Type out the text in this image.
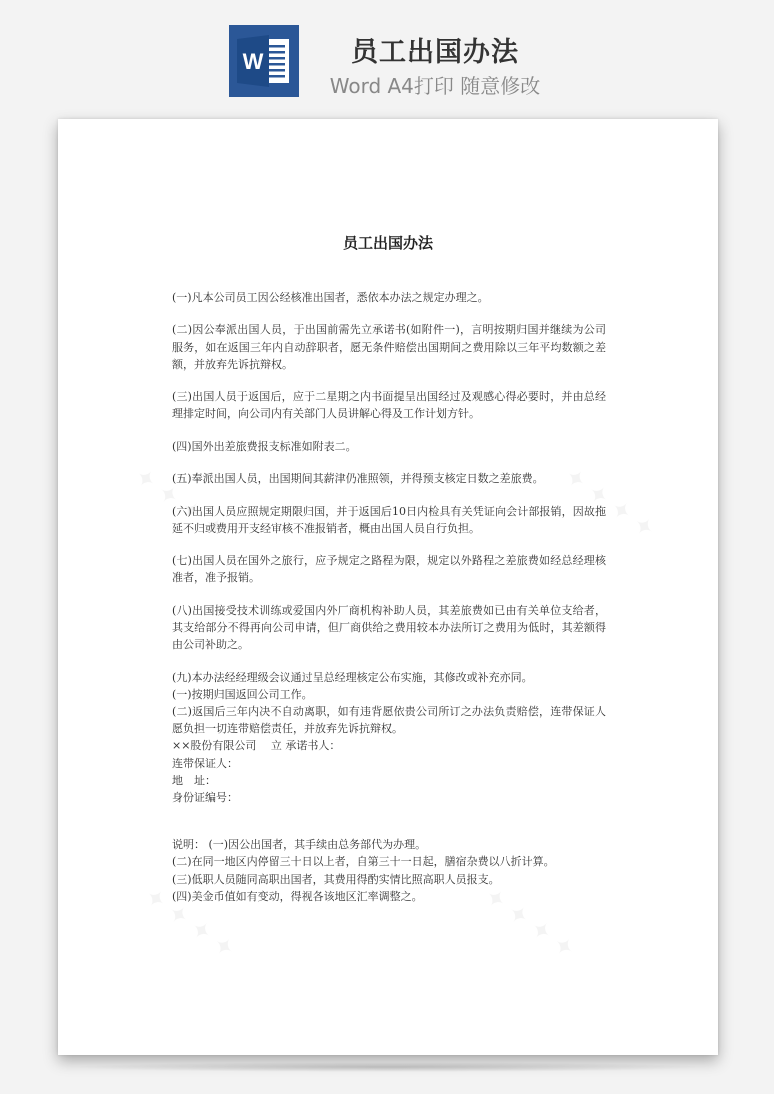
W	员工出国办法
Word A4打印 随意修改
✦ ✦ ✦ ✦	✦ ✦ ✦ ✦
✦ ✦ ✦ ✦	✦ ✦ ✦ ✦
员工出国办法

(一)凡本公司员工因公经核准出国者，悉依本办法之规定办理之。

(二)因公奉派出国人员，于出国前需先立承诺书(如附件一)，言明按期归国并继续为公司服务，如在返国三年内自动辞职者，愿无条件赔偿出国期间之费用除以三年平均数额之差额，并放弃先诉抗辩权。

(三)出国人员于返国后，应于二星期之内书面提呈出国经过及观感心得必要时，并由总经理排定时间，向公司内有关部门人员讲解心得及工作计划方针。

(四)国外出差旅费报支标准如附表二。

(五)奉派出国人员，出国期间其薪津仍准照领，并得预支核定日数之差旅费。

(六)出国人员应照规定期限归国，并于返国后10日内检具有关凭证向会计部报销，因故拖延不归或费用开支经审核不准报销者，概由出国人员自行负担。

(七)出国人员在国外之旅行，应予规定之路程为限，规定以外路程之差旅费如经总经理核准者，准予报销。

(八)出国接受技术训练或爱国内外厂商机构补助人员，其差旅费如已由有关单位支给者，其支给部分不得再向公司申请，但厂商供给之费用较本办法所订之费用为低时，其差额得由公司补助之。

(九)本办法经经理级会议通过呈总经理核定公布实施，其修改或补充亦同。

(一)按期归国返回公司工作。

(二)返国后三年内决不自动离职，如有违背愿依贵公司所订之办法负责赔偿，连带保证人愿负担一切连带赔偿责任，并放弃先诉抗辩权。

××股份有限公司　 立 承诺书人：

连带保证人：

地　址：

身份证编号：

说明： (一)因公出国者，其手续由总务部代为办理。

(二)在同一地区内停留三十日以上者，自第三十一日起，膳宿杂费以八折计算。

(三)低职人员随同高职出国者，其费用得酌实情比照高职人员报支。

(四)美金币值如有变动，得视各该地区汇率调整之。
